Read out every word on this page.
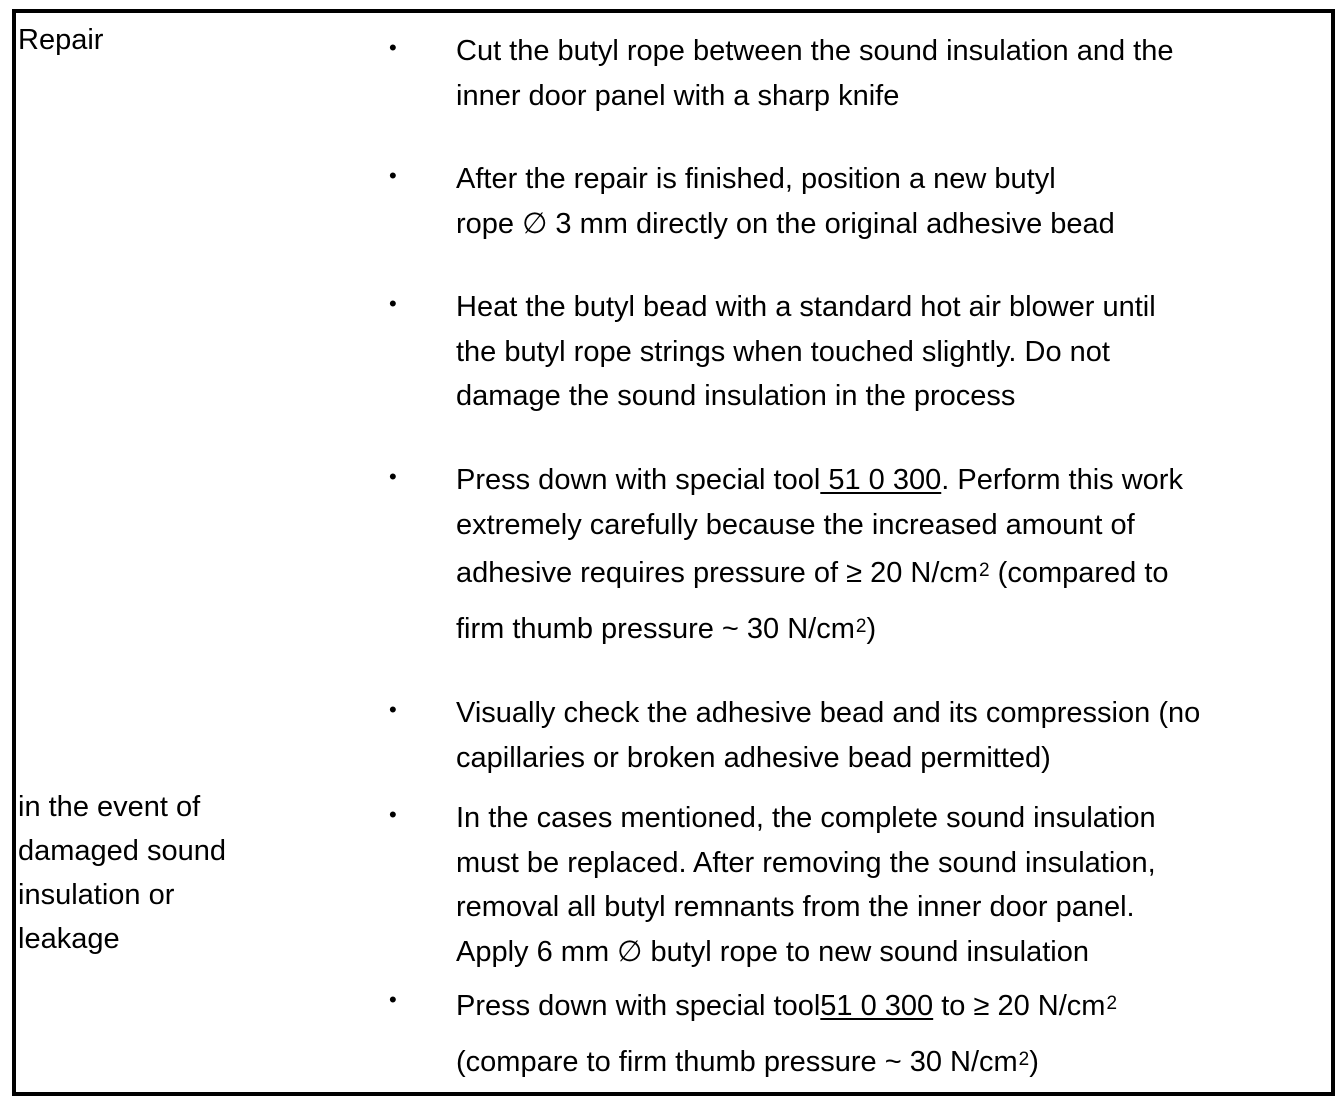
Repair
in the event of
damaged sound
insulation or
leakage
•
•
•
•
•
•
•
Cut the butyl rope between the sound insulation and the
inner door panel with a sharp knife
After the repair is finished, position a new butyl
rope ∅ 3 mm directly on the original adhesive bead
Heat the butyl bead with a standard hot air blower until
the butyl rope strings when touched slightly. Do not
damage the sound insulation in the process
Press down with special tool 51 0 300. Perform this work
extremely carefully because the increased amount of
adhesive requires pressure of ≥ 20 $N/cm^2$ (compared to
firm thumb pressure ~ 30 $N/cm^2$)
Visually check the adhesive bead and its compression (no
capillaries or broken adhesive bead permitted)
In the cases mentioned, the complete sound insulation
must be replaced. After removing the sound insulation,
removal all butyl remnants from the inner door panel.
Apply 6 mm ∅ butyl rope to new sound insulation
Press down with special tool51 0 300 to ≥ 20 $N/cm^2$
(compare to firm thumb pressure ~ 30 $N/cm^2$)
